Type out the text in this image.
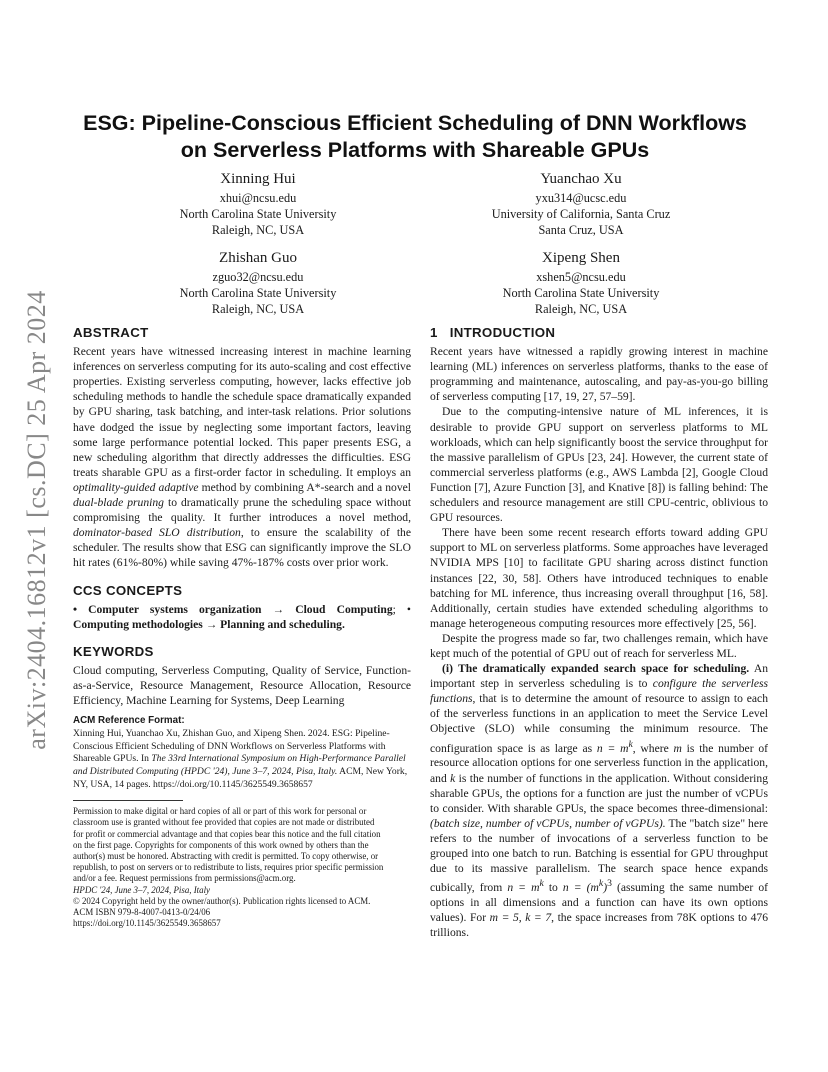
arXiv:2404.16812v1 [cs.DC] 25 Apr 2024
ESG: Pipeline-Conscious Efficient Scheduling of DNN Workflows
on Serverless Platforms with Shareable GPUs
Xinning Hui
xhui@ncsu.edu
North Carolina State University
Raleigh, NC, USA
Yuanchao Xu
yxu314@ucsc.edu
University of California, Santa Cruz
Santa Cruz, USA
Zhishan Guo
zguo32@ncsu.edu
North Carolina State University
Raleigh, NC, USA
Xipeng Shen
xshen5@ncsu.edu
North Carolina State University
Raleigh, NC, USA
ABSTRACT

Recent years have witnessed increasing interest in machine learning inferences on serverless computing for its auto-scaling and cost effective properties. Existing serverless computing, however, lacks effective job scheduling methods to handle the schedule space dramatically expanded by GPU sharing, task batching, and inter-task relations. Prior solutions have dodged the issue by neglecting some important factors, leaving some large performance potential locked. This paper presents ESG, a new scheduling algorithm that directly addresses the difficulties. ESG treats sharable GPU as a first-order factor in scheduling. It employs an optimality-guided adaptive method by combining A*-search and a novel dual-blade pruning to dramatically prune the scheduling space without compromising the quality. It further introduces a novel method, dominator-based SLO distribution, to ensure the scalability of the scheduler. The results show that ESG can significantly improve the SLO hit rates (61%-80%) while saving 47%-187% costs over prior work.

CCS CONCEPTS

• Computer systems organization → Cloud Computing; • Computing methodologies → Planning and scheduling.

KEYWORDS

Cloud computing, Serverless Computing, Quality of Service, Function-as-a-Service, Resource Management, Resource Allocation, Resource Efficiency, Machine Learning for Systems, Deep Learning

ACM Reference Format:

Xinning Hui, Yuanchao Xu, Zhishan Guo, and Xipeng Shen. 2024. ESG: Pipeline-Conscious Efficient Scheduling of DNN Workflows on Serverless Platforms with Shareable GPUs. In The 33rd International Symposium on High-Performance Parallel and Distributed Computing (HPDC '24), June 3–7, 2024, Pisa, Italy. ACM, New York, NY, USA, 14 pages. https://doi.org/10.1145/3625549.3658657

Permission to make digital or hard copies of all or part of this work for personal or
classroom use is granted without fee provided that copies are not made or distributed
for profit or commercial advantage and that copies bear this notice and the full citation
on the first page. Copyrights for components of this work owned by others than the
author(s) must be honored. Abstracting with credit is permitted. To copy otherwise, or
republish, to post on servers or to redistribute to lists, requires prior specific permission
and/or a fee. Request permissions from permissions@acm.org.
HPDC '24, June 3–7, 2024, Pisa, Italy
© 2024 Copyright held by the owner/author(s). Publication rights licensed to ACM.
ACM ISBN 979-8-4007-0413-0/24/06
https://doi.org/10.1145/3625549.3658657
1 INTRODUCTION

Recent years have witnessed a rapidly growing interest in machine learning (ML) inferences on serverless platforms, thanks to the ease of programming and maintenance, autoscaling, and pay-as-you-go billing of serverless computing [17, 19, 27, 57–59].

Due to the computing-intensive nature of ML inferences, it is desirable to provide GPU support on serverless platforms to ML workloads, which can help significantly boost the service throughput for the massive parallelism of GPUs [23, 24]. However, the current state of commercial serverless platforms (e.g., AWS Lambda [2], Google Cloud Function [7], Azure Function [3], and Knative [8]) is falling behind: The schedulers and resource management are still CPU-centric, oblivious to GPU resources.

There have been some recent research efforts toward adding GPU support to ML on serverless platforms. Some approaches have leveraged NVIDIA MPS [10] to facilitate GPU sharing across distinct function instances [22, 30, 58]. Others have introduced techniques to enable batching for ML inference, thus increasing overall throughput [16, 58]. Additionally, certain studies have extended scheduling algorithms to manage heterogeneous computing resources more effectively [25, 56].

Despite the progress made so far, two challenges remain, which have kept much of the potential of GPU out of reach for serverless ML.

(i) The dramatically expanded search space for scheduling. An important step in serverless scheduling is to configure the serverless functions, that is to determine the amount of resource to assign to each of the serverless functions in an application to meet the Service Level Objective (SLO) while consuming the minimum resource. The configuration space is as large as $n = m^k$, where m is the number of resource allocation options for one serverless function in the application, and k is the number of functions in the application. Without considering sharable GPUs, the options for a function are just the number of vCPUs to consider. With sharable GPUs, the space becomes three-dimensional: (batch size, number of vCPUs, number of vGPUs). The "batch size" here refers to the number of invocations of a serverless function to be grouped into one batch to run. Batching is essential for GPU throughput due to its massive parallelism. The search space hence expands cubically, from $n = m^k$ to $n = (m^k)^3$ (assuming the same number of options in all dimensions and a function can have its own options values). For m = 5, k = 7, the space increases from 78K options to 476 trillions.
